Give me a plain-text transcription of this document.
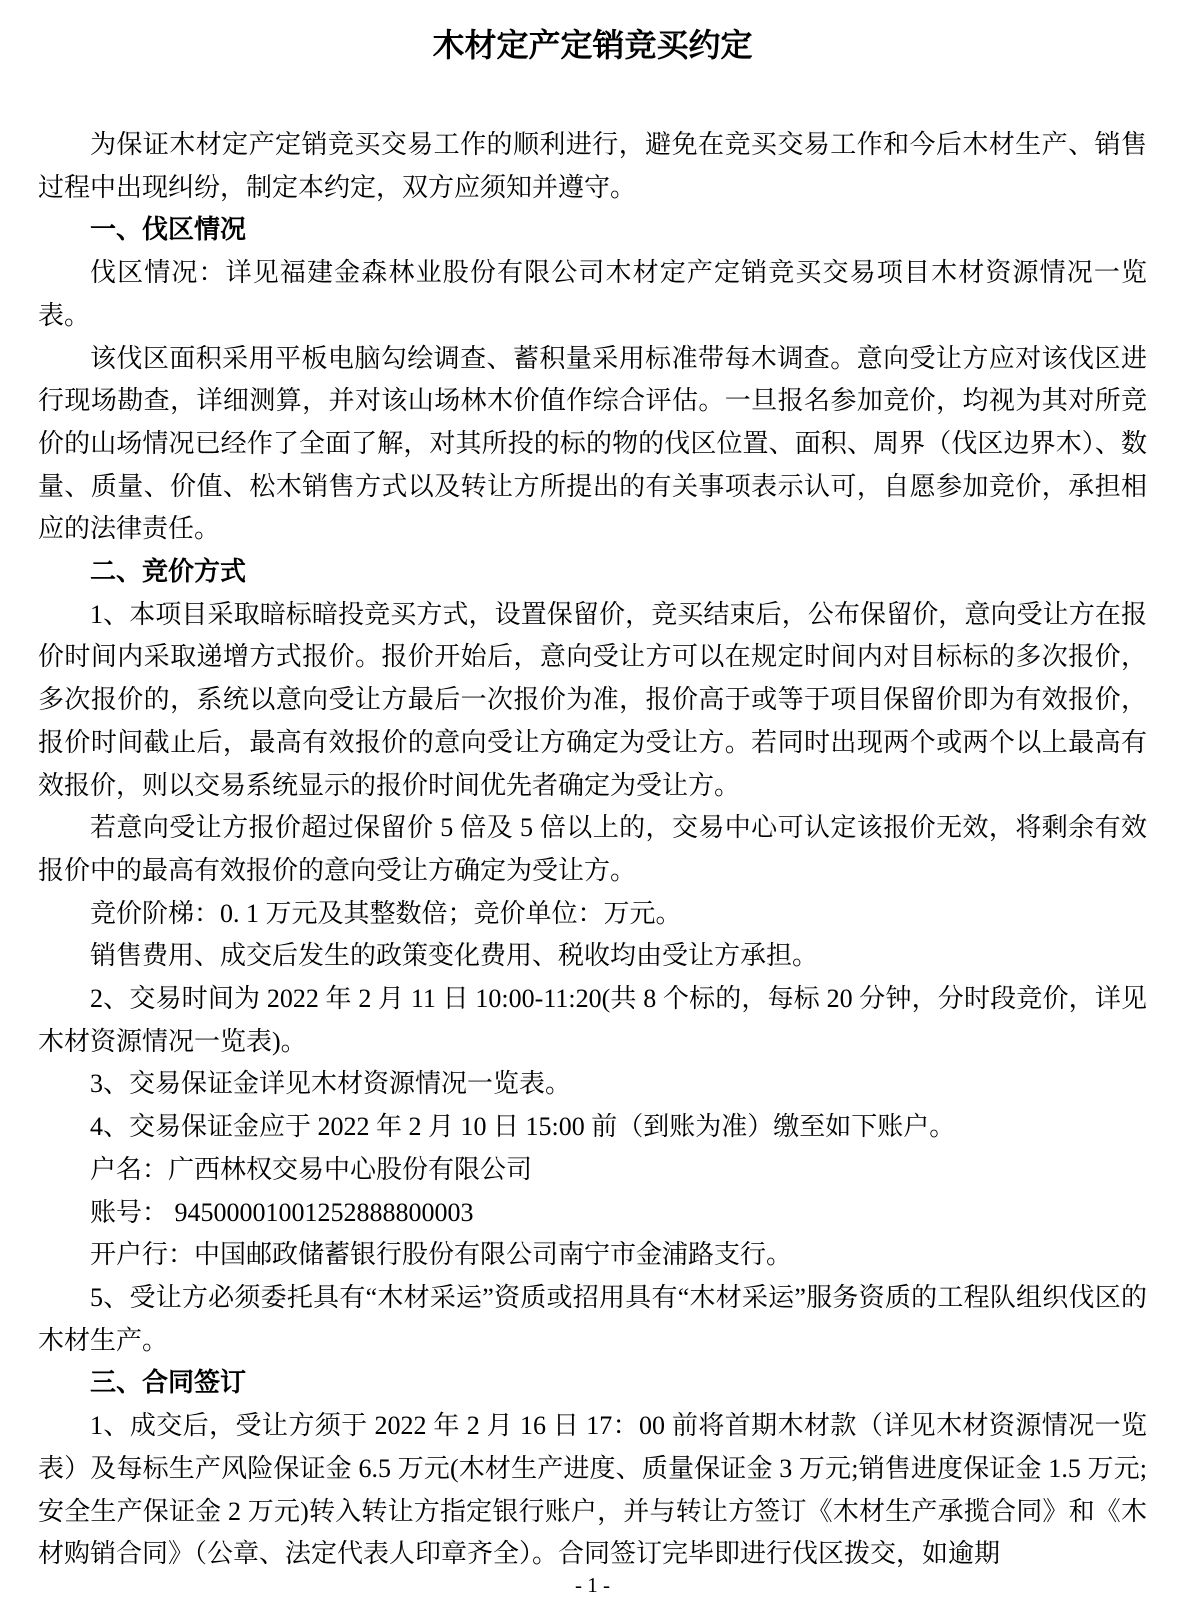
木材定产定销竞买约定

为保证木材定产定销竞买交易工作的顺利进行，避免在竞买交易工作和今后木材生产、销售过程中出现纠纷，制定本约定，双方应须知并遵守。

一、伐区情况

伐区情况：详见福建金森林业股份有限公司木材定产定销竞买交易项目木材资源情况一览表。

该伐区面积采用平板电脑勾绘调查、蓄积量采用标准带每木调查。意向受让方应对该伐区进行现场勘查，详细测算，并对该山场林木价值作综合评估。一旦报名参加竞价，均视为其对所竞价的山场情况已经作了全面了解，对其所投的标的物的伐区位置、面积、周界（伐区边界木）、数量、质量、价值、松木销售方式以及转让方所提出的有关事项表示认可，自愿参加竞价，承担相应的法律责任。

二、竞价方式

1、本项目采取暗标暗投竞买方式，设置保留价，竞买结束后，公布保留价，意向受让方在报价时间内采取递增方式报价。报价开始后，意向受让方可以在规定时间内对目标标的多次报价，多次报价的，系统以意向受让方最后一次报价为准，报价高于或等于项目保留价即为有效报价，报价时间截止后，最高有效报价的意向受让方确定为受让方。若同时出现两个或两个以上最高有效报价，则以交易系统显示的报价时间优先者确定为受让方。

若意向受让方报价超过保留价 5 倍及 5 倍以上的，交易中心可认定该报价无效，将剩余有效报价中的最高有效报价的意向受让方确定为受让方。

竞价阶梯：0. 1 万元及其整数倍；竞价单位：万元。

销售费用、成交后发生的政策变化费用、税收均由受让方承担。

2、交易时间为 2022 年 2 月 11 日 10:00-11:20(共 8 个标的，每标 20 分钟，分时段竞价，详见木材资源情况一览表)。

3、交易保证金详见木材资源情况一览表。

4、交易保证金应于 2022 年 2 月 10 日 15:00 前（到账为准）缴至如下账户。

户名：广西林权交易中心股份有限公司

账号： 94500001001252888800003

开户行：中国邮政储蓄银行股份有限公司南宁市金浦路支行。

5、受让方必须委托具有“木材采运”资质或招用具有“木材采运”服务资质的工程队组织伐区的木材生产。

三、合同签订

1、成交后，受让方须于 2022 年 2 月 16 日 17：00 前将首期木材款（详见木材资源情况一览表）及每标生产风险保证金 6.5 万元(木材生产进度、质量保证金 3 万元;销售进度保证金 1.5 万元;安全生产保证金 2 万元)转入转让方指定银行账户，并与转让方签订《木材生产承揽合同》和《木材购销合同》（公章、法定代表人印章齐全）。合同签订完毕即进行伐区拨交，如逾期

- 1 -
